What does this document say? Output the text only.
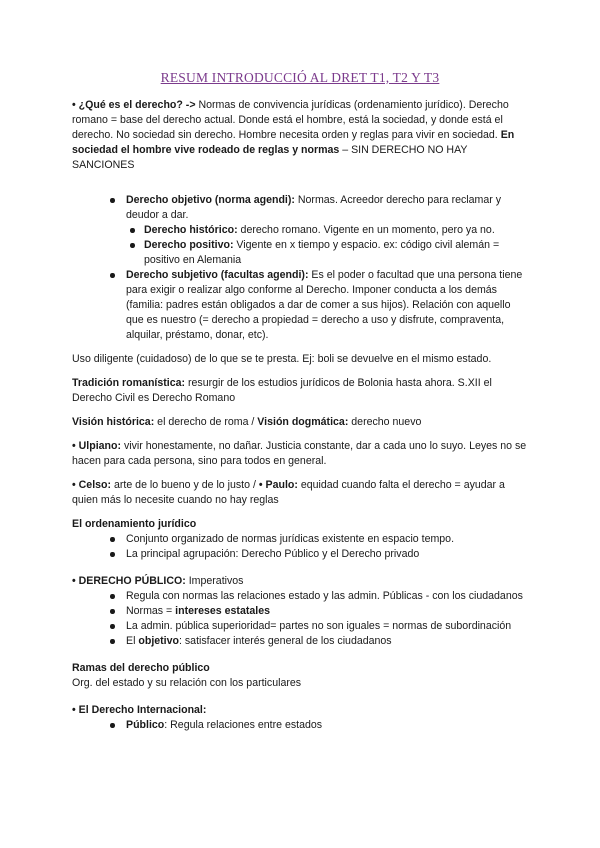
RESUM INTRODUCCIÓ AL DRET T1, T2 Y T3

• ¿Qué es el derecho? -> Normas de convivencia jurídicas (ordenamiento jurídico). Derecho romano = base del derecho actual. Donde está el hombre, está la sociedad, y donde está el derecho. No sociedad sin derecho. Hombre necesita orden y reglas para vivir en sociedad. En sociedad el hombre vive rodeado de reglas y normas – SIN DERECHO NO HAY SANCIONES

Derecho objetivo (norma agendi): Normas. Acreedor derecho para reclamar y deudor a dar.
Derecho histórico: derecho romano. Vigente en un momento, pero ya no.
Derecho positivo: Vigente en x tiempo y espacio. ex: código civil alemán = positivo en Alemania
Derecho subjetivo (facultas agendi): Es el poder o facultad que una persona tiene para exigir o realizar algo conforme al Derecho. Imponer conducta a los demás (familia: padres están obligados a dar de comer a sus hijos). Relación con aquello que es nuestro (= derecho a propiedad = derecho a uso y disfrute, compraventa, alquilar, préstamo, donar, etc).

Uso diligente (cuidadoso) de lo que se te presta. Ej: boli se devuelve en el mismo estado.

Tradición romanística: resurgir de los estudios jurídicos de Bolonia hasta ahora. S.XII el Derecho Civil es Derecho Romano

Visión histórica: el derecho de roma / Visión dogmática: derecho nuevo

• Ulpiano: vivir honestamente, no dañar. Justicia constante, dar a cada uno lo suyo. Leyes no se hacen para cada persona, sino para todos en general.

• Celso: arte de lo bueno y de lo justo / • Paulo: equidad cuando falta el derecho = ayudar a quien más lo necesite cuando no hay reglas

El ordenamiento jurídico

Conjunto organizado de normas jurídicas existente en espacio tempo.
La principal agrupación: Derecho Público y el Derecho privado

• DERECHO PÚBLICO: Imperativos

Regula con normas las relaciones estado y las admin. Públicas - con los ciudadanos
Normas = intereses estatales
La admin. pública superioridad= partes no son iguales = normas de subordinación
El objetivo: satisfacer interés general de los ciudadanos

Ramas del derecho público

Org. del estado y su relación con los particulares

• El Derecho Internacional:

Público: Regula relaciones entre estados
